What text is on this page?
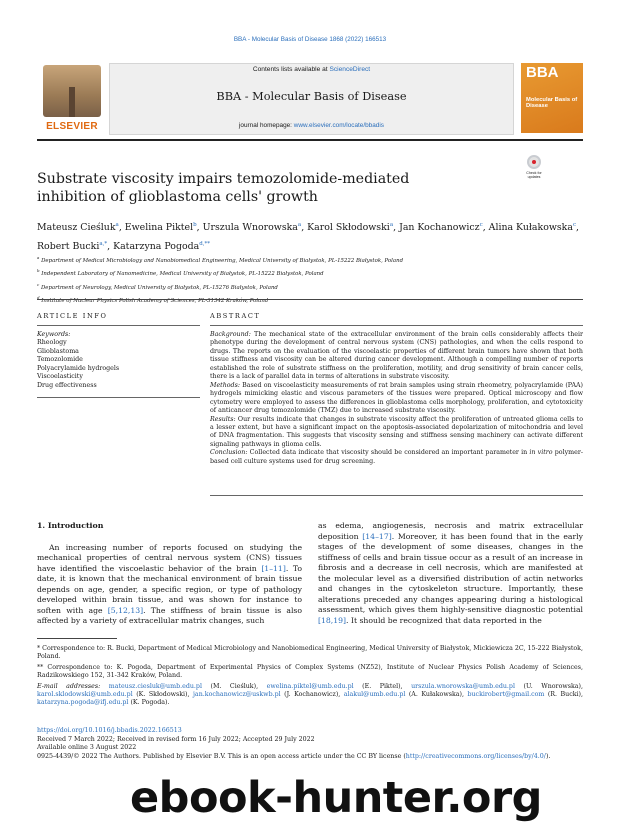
BBA - Molecular Basis of Disease 1868 (2022) 166513
ELSEVIER
Contents lists available at ScienceDirect
BBA - Molecular Basis of Disease
journal homepage: www.elsevier.com/locate/bbadis
BBA
Molecular Basis of Disease
Substrate viscosity impairs temozolomide-mediated inhibition of glioblastoma cells' growth
Check for updates
Mateusz Cieśluk$^a$, Ewelina Piktel$^b$, Urszula Wnorowska$^a$, Karol Skłodowski$^a$, Jan Kochanowicz$^c$, Alina Kułakowska$^c$, Robert Bucki$^{a,*}$, Katarzyna Pogoda$^{d,**}$
$^a$ Department of Medical Microbiology and Nanobiomedical Engineering, Medical University of Białystok, PL-15222 Białystok, Poland
$^b$ Independent Laboratory of Nanomedicine, Medical University of Białystok, PL-15222 Białystok, Poland
$^c$ Department of Neurology, Medical University of Białystok, PL-15276 Białystok, Poland
$^d$ Institute of Nuclear Physics Polish Academy of Sciences, PL-31342 Kraków, Poland
ARTICLE INFO	ABSTRACT
Keywords:
Rheology
Glioblastoma
Temozolomide
Polyacrylamide hydrogels
Viscoelasticity
Drug effectiveness

Background: The mechanical state of the extracellular environment of the brain cells considerably affects their phenotype during the development of central nervous system (CNS) pathologies, and when the cells respond to drugs. The reports on the evaluation of the viscoelastic properties of different brain tumors have shown that both tissue stiffness and viscosity can be altered during cancer development. Although a compelling number of reports established the role of substrate stiffness on the proliferation, motility, and drug sensitivity of brain cancer cells, there is a lack of parallel data in terms of alterations in substrate viscosity.

Methods: Based on viscoelasticity measurements of rat brain samples using strain rheometry, polyacrylamide (PAA) hydrogels mimicking elastic and viscous parameters of the tissues were prepared. Optical microscopy and flow cytometry were employed to assess the differences in glioblastoma cells morphology, proliferation, and cytotoxicity of anticancer drug temozolomide (TMZ) due to increased substrate viscosity.

Results: Our results indicate that changes in substrate viscosity affect the proliferation of untreated glioma cells to a lesser extent, but have a significant impact on the apoptosis-associated depolarization of mitochondria and level of DNA fragmentation. This suggests that viscosity sensing and stiffness sensing machinery can activate different signaling pathways in glioma cells.

Conclusion: Collected data indicate that viscosity should be considered an important parameter in in vitro polymer-based cell culture systems used for drug screening.

1. Introduction
An increasing number of reports focused on studying the mechanical properties of central nervous system (CNS) tissues have identified the viscoelastic behavior of the brain [1–11]. To date, it is known that the mechanical environment of brain tissue depends on age, gender, a specific region, or type of pathology developed within brain tissue, and was shown for instance to soften with age [5,12,13]. The stiffness of brain tissue is also affected by a variety of extracellular matrix changes, such
as edema, angiogenesis, necrosis and matrix extracellular deposition [14–17]. Moreover, it has been found that in the early stages of the development of some diseases, changes in the stiffness of cells and brain tissue occur as a result of an increase in fibrosis and a decrease in cell necrosis, which are manifested at the molecular level as a diversified distribution of actin networks and changes in the cytoskeleton structure. Importantly, these alterations preceded any changes appearing during a histological assessment, which gives them highly-sensitive diagnostic potential [18,19]. It should be recognized that data reported in the

* Correspondence to: R. Bucki, Department of Medical Microbiology and Nanobiomedical Engineering, Medical University of Białystok, Mickiewicza 2C, 15-222 Białystok, Poland.

** Correspondence to: K. Pogoda, Department of Experimental Physics of Complex Systems (NZ52), Institute of Nuclear Physics Polish Academy of Sciences, Radzikowskiego 152, 31-342 Kraków, Poland.

E-mail addresses: mateusz.ciesluk@umb.edu.pl (M. Cieśluk), ewelina.piktel@umb.edu.pl (E. Piktel), urszula.wnorowska@umb.edu.pl (U. Wnorowska), karol.sklodowski@umb.edu.pl (K. Skłodowski), jan.kochanowicz@uskwb.pl (J. Kochanowicz), alakul@umb.edu.pl (A. Kułakowska), buckirobert@gmail.com (R. Bucki), katarzyna.pogoda@ifj.edu.pl (K. Pogoda).

https://doi.org/10.1016/j.bbadis.2022.166513
Received 7 March 2022; Received in revised form 16 July 2022; Accepted 29 July 2022
Available online 3 August 2022
0925-4439/© 2022 The Authors. Published by Elsevier B.V. This is an open access article under the CC BY license (http://creativecommons.org/licenses/by/4.0/).
ebook-hunter.org
